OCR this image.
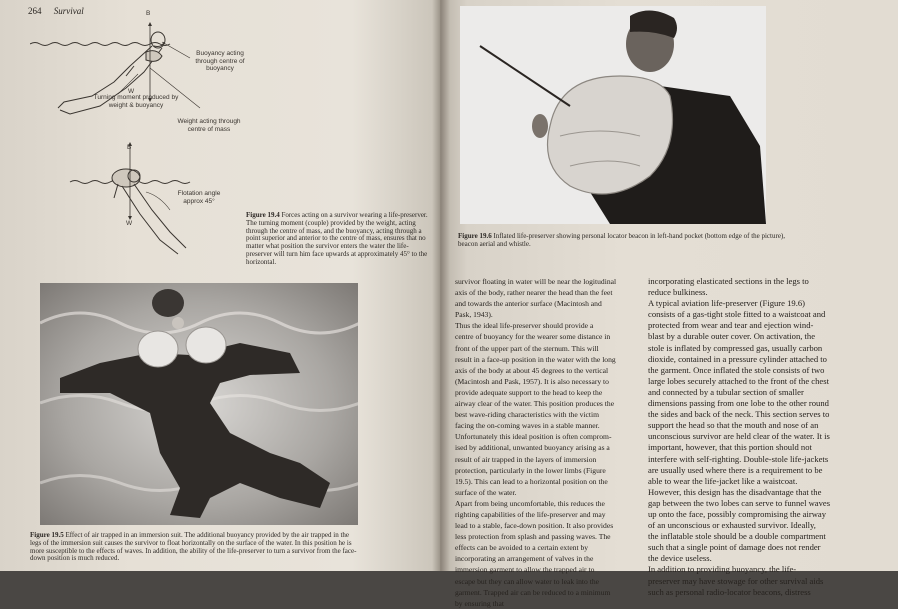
264 Survival	B
W
Buoyancy acting through centre of buoyancy
Turning moment produced by weight & buoyancy
Weight acting through centre of mass
B
W
Flotation angle approx 45°
Figure 19.4 Forces acting on a survivor wearing a life-preserver. The turning moment (couple) provided by the weight, acting through the centre of mass, and the buoyancy, acting through a point superior and anterior to the centre of mass, ensures that no matter what position the survivor enters the water the life-preserver will turn him face upwards at approximately 45° to the horizontal.
Figure 19.5 Effect of air trapped in an immersion suit. The additional buoyancy provided by the air trapped in the legs of the immersion suit causes the survivor to float horizontally on the surface of the water. In this position he is more susceptible to the effects of waves. In addition, the ability of the life-preserver to turn a survivor from the face-down position is much reduced.
Figure 19.6 Inflated life-preserver showing personal locator beacon in left-hand pocket (bottom edge of the picture), beacon aerial and whistle.
survivor floating in water will be near the logitudinal
axis of the body, rather nearer the head than the feet
and towards the anterior surface (Macintosh and
Pask, 1943).
Thus the ideal life-preserver should provide a
centre of buoyancy for the wearer some distance in
front of the upper part of the sternum. This will
result in a face-up position in the water with the long
axis of the body at about 45 degrees to the vertical
(Macintosh and Pask, 1957). It is also necessary to
provide adequate support to the head to keep the
airway clear of the water. This position produces the
best wave-riding characteristics with the victim
facing the on-coming waves in a stable manner.
Unfortunately this ideal position is often comprom-
ised by additional, unwanted buoyancy arising as a
result of air trapped in the layers of immersion
protection, particularly in the lower limbs (Figure
19.5). This can lead to a horizontal position on the
surface of the water.
Apart from being uncomfortable, this reduces the
righting capabilities of the life-preserver and may
lead to a stable, face-down position. It also provides
less protection from splash and passing waves. The
effects can be avoided to a certain extent by
incorporating an arrangement of valves in the
immersion garment to allow the trapped air to
escape but they can allow water to leak into the
garment. Trapped air can be reduced to a minimum
by ensuring that
incorporating elasticated sections in the legs to
reduce bulkiness.
A typical aviation life-preserver (Figure 19.6)
consists of a gas-tight stole fitted to a waistcoat and
protected from wear and tear and ejection wind-
blast by a durable outer cover. On activation, the
stole is inflated by compressed gas, usually carbon
dioxide, contained in a pressure cylinder attached to
the garment. Once inflated the stole consists of two
large lobes securely attached to the front of the chest
and connected by a tubular section of smaller
dimensions passing from one lobe to the other round
the sides and back of the neck. This section serves to
support the head so that the mouth and nose of an
unconscious survivor are held clear of the water. It is
important, however, that this portion should not
interfere with self-righting. Double-stole life-jackets
are usually used where there is a requirement to be
able to wear the life-jacket like a waistcoat.
However, this design has the disadvantage that the
gap between the two lobes can serve to funnel waves
up onto the face, possibly compromising the airway
of an unconscious or exhausted survivor. Ideally,
the inflatable stole should be a double compartment
such that a single point of damage does not render
the device useless.
In addition to providing buoyancy, the life-
preserver may have stowage for other survival aids
such as personal radio-locator beacons, distress
